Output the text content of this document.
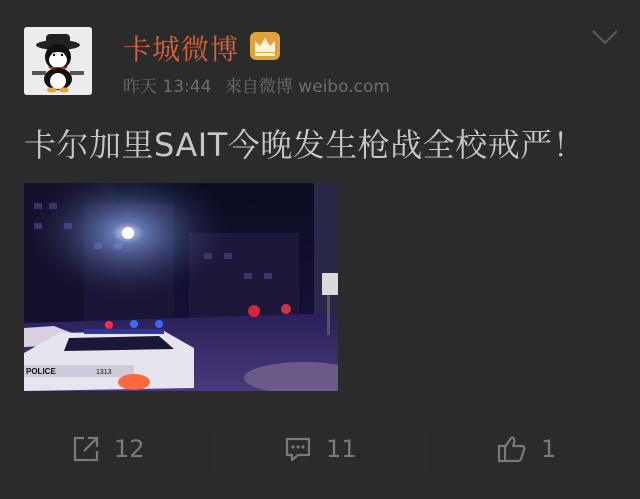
卡城微博
昨天 13:44 來自微博 weibo.com
卡尔加里SAIT今晚发生枪战全校戒严！
POLICE	1313
12	11	1
